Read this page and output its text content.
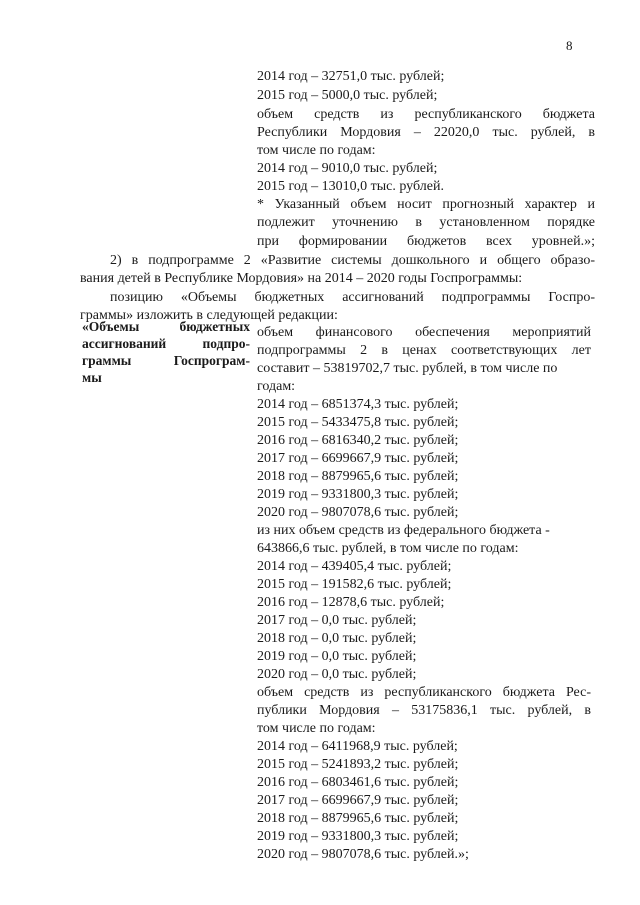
8
2014 год – 32751,0 тыс. рублей;
2015 год – 5000,0 тыс. рублей;
объем средств из республиканского бюджета
Республики Мордовия – 22020,0 тыс. рублей, в
том числе по годам:
2014 год – 9010,0 тыс. рублей;
2015 год – 13010,0 тыс. рублей.
* Указанный объем носит прогнозный характер и
подлежит уточнению в установленном порядке
при формировании бюджетов всех уровней.»;
2) в подпрограмме 2 «Развитие системы дошкольного и общего образо-
вания детей в Республике Мордовия» на 2014 – 2020 годы Госпрограммы:
позицию «Объемы бюджетных ассигнований подпрограммы Госпро-
граммы» изложить в следующей редакции:
«Объемы бюджетных
ассигнований подпро-
граммы Госпрограм-
мы
объем финансового обеспечения мероприятий
подпрограммы 2 в ценах соответствующих лет
составит – 53819702,7 тыс. рублей, в том числе по
годам:
2014 год – 6851374,3 тыс. рублей;
2015 год – 5433475,8 тыс. рублей;
2016 год – 6816340,2 тыс. рублей;
2017 год – 6699667,9 тыс. рублей;
2018 год – 8879965,6 тыс. рублей;
2019 год – 9331800,3 тыс. рублей;
2020 год – 9807078,6 тыс. рублей;
из них объем средств из федерального бюджета -
643866,6 тыс. рублей, в том числе по годам:
2014 год – 439405,4 тыс. рублей;
2015 год – 191582,6 тыс. рублей;
2016 год – 12878,6 тыс. рублей;
2017 год – 0,0 тыс. рублей;
2018 год – 0,0 тыс. рублей;
2019 год – 0,0 тыс. рублей;
2020 год – 0,0 тыс. рублей;
объем средств из республиканского бюджета Рес-
публики Мордовия – 53175836,1 тыс. рублей, в
том числе по годам:
2014 год – 6411968,9 тыс. рублей;
2015 год – 5241893,2 тыс. рублей;
2016 год – 6803461,6 тыс. рублей;
2017 год – 6699667,9 тыс. рублей;
2018 год – 8879965,6 тыс. рублей;
2019 год – 9331800,3 тыс. рублей;
2020 год – 9807078,6 тыс. рублей.»;
